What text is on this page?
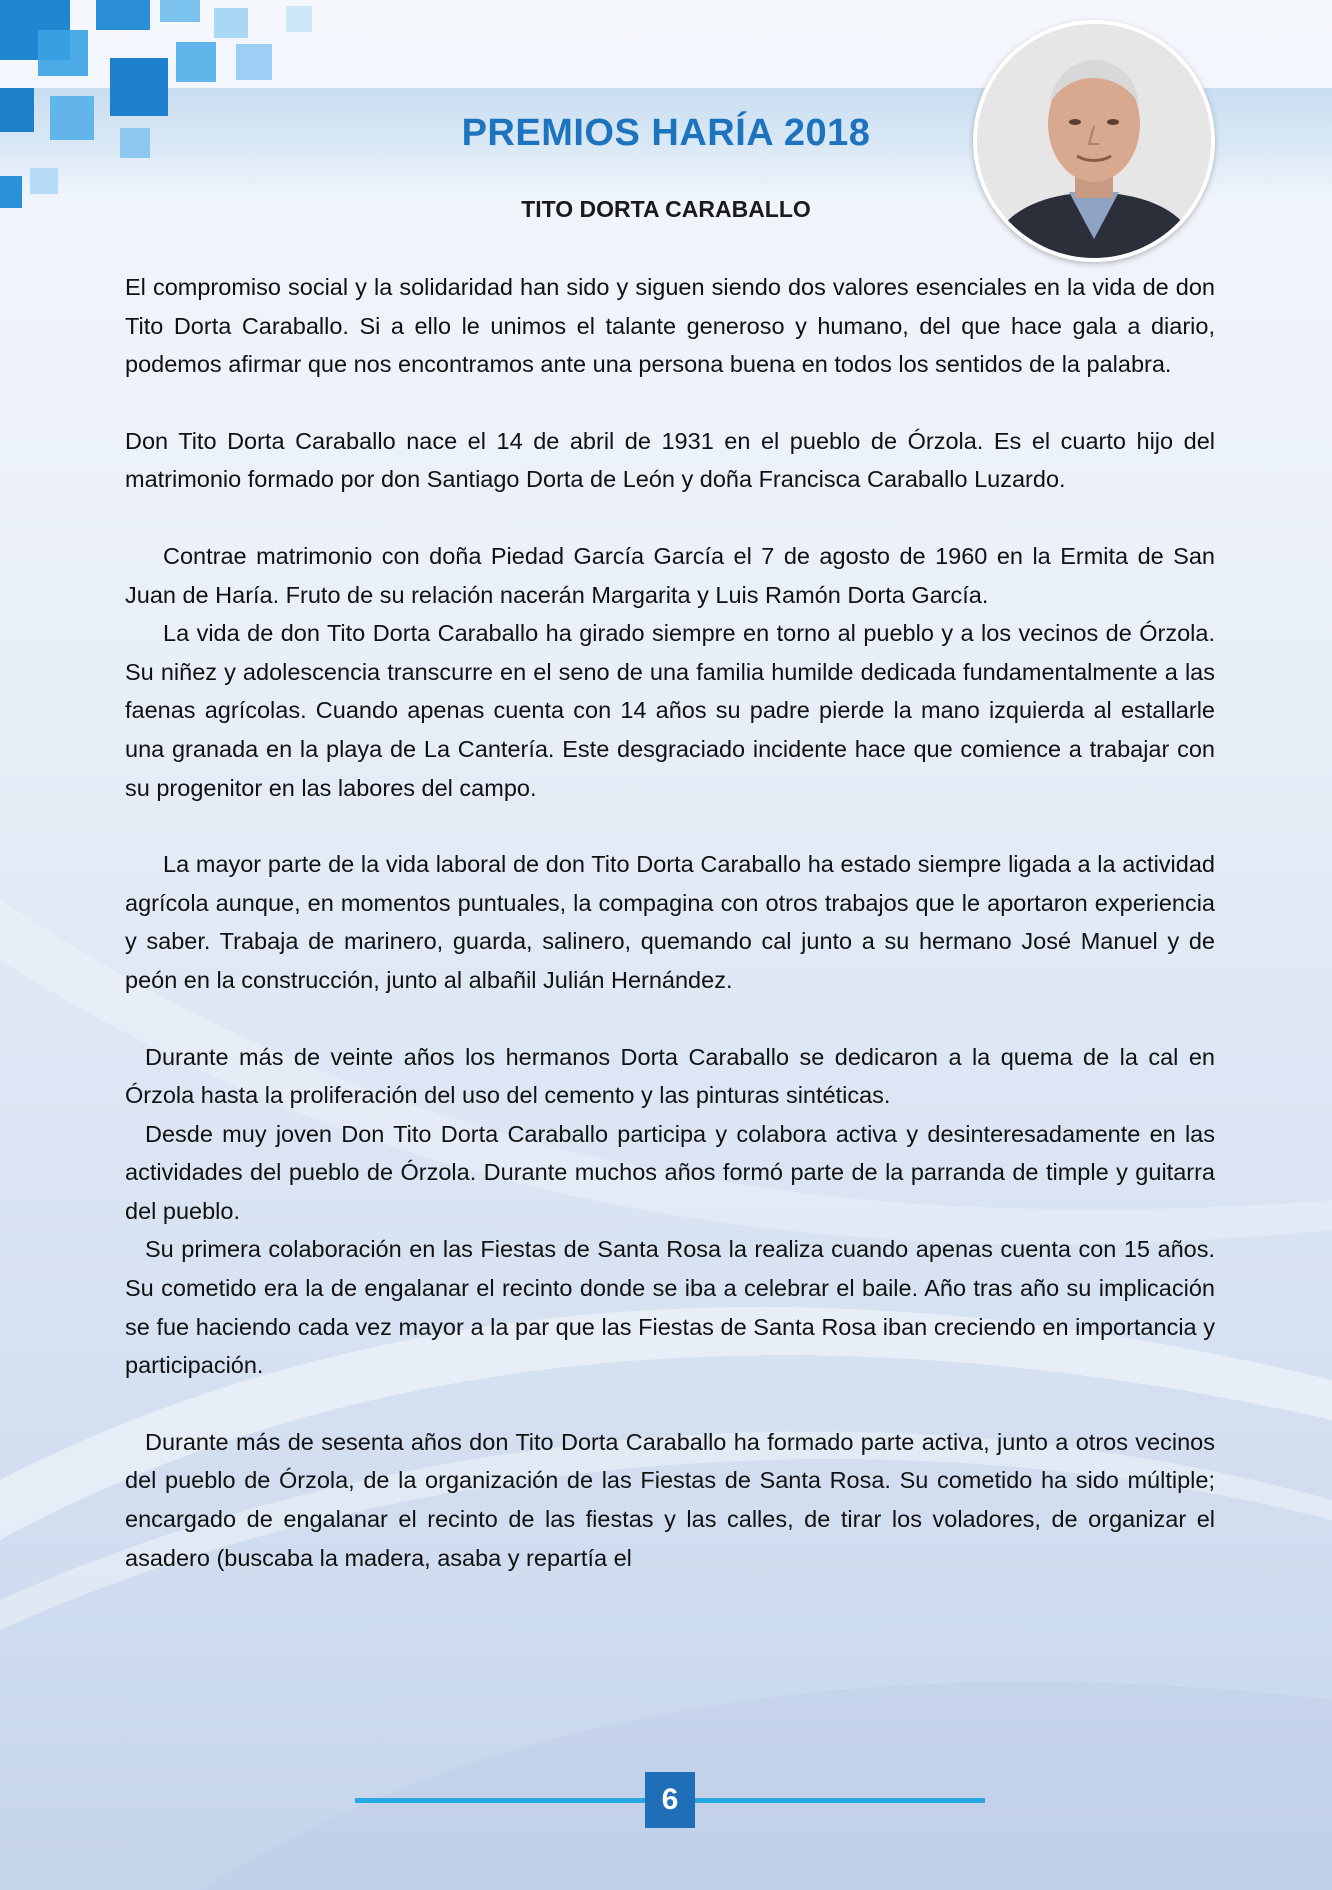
PREMIOS HARÍA 2018
TITO DORTA CARABALLO

El compromiso social y la solidaridad han sido y siguen siendo dos valores esenciales en la vida de don Tito Dorta Caraballo. Si a ello le unimos el talante generoso y humano, del que hace gala a diario, podemos afirmar que nos encontramos ante una persona buena en todos los sentidos de la palabra.

Don Tito Dorta Caraballo nace el 14 de abril de 1931 en el pueblo de Órzola. Es el cuarto hijo del matrimonio formado por don Santiago Dorta de León y doña Francisca Caraballo Luzardo.

Contrae matrimonio con doña Piedad García García el 7 de agosto de 1960 en la Ermita de San Juan de Haría. Fruto de su relación nacerán Margarita y Luis Ramón Dorta García.

La vida de don Tito Dorta Caraballo ha girado siempre en torno al pueblo y a los vecinos de Órzola. Su niñez y adolescencia transcurre en el seno de una familia humilde dedicada fundamentalmente a las faenas agrícolas. Cuando apenas cuenta con 14 años su padre pierde la mano izquierda al estallarle una granada en la playa de La Cantería. Este desgraciado incidente hace que comience a trabajar con su progenitor en las labores del campo.

La mayor parte de la vida laboral de don Tito Dorta Caraballo ha estado siempre ligada a la actividad agrícola aunque, en momentos puntuales, la compagina con otros trabajos que le aportaron experiencia y saber. Trabaja de marinero, guarda, salinero, quemando cal junto a su hermano José Manuel y de peón en la construcción, junto al albañil Julián Hernández.

Durante más de veinte años los hermanos Dorta Caraballo se dedicaron a la quema de la cal en Órzola hasta la proliferación del uso del cemento y las pinturas sintéticas.

Desde muy joven Don Tito Dorta Caraballo participa y colabora activa y desinteresadamente en las actividades del pueblo de Órzola. Durante muchos años formó parte de la parranda de timple y guitarra del pueblo.

Su primera colaboración en las Fiestas de Santa Rosa la realiza cuando apenas cuenta con 15 años. Su cometido era la de engalanar el recinto donde se iba a celebrar el baile. Año tras año su implicación se fue haciendo cada vez mayor a la par que las Fiestas de Santa Rosa iban creciendo en importancia y participación.

Durante más de sesenta años don Tito Dorta Caraballo ha formado parte activa, junto a otros vecinos del pueblo de Órzola, de la organización de las Fiestas de Santa Rosa. Su cometido ha sido múltiple; encargado de engalanar el recinto de las fiestas y las calles, de tirar los voladores, de organizar el asadero (buscaba la madera, asaba y repartía el

6
